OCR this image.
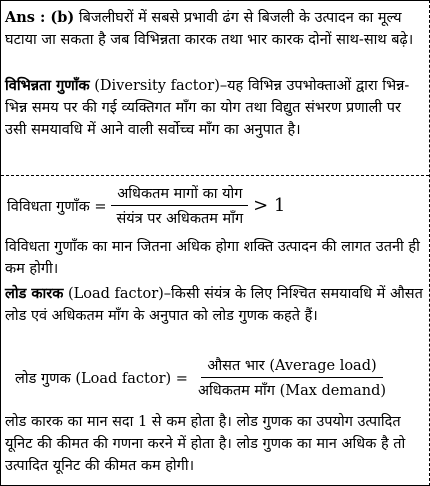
Ans : (b) बिजलीघरों में सबसे प्रभावी ढंग से बिजली के उत्पादन का मूल्य घटाया जा सकता है जब विभिन्नता कारक तथा भार कारक दोनों साथ-साथ बढ़े।
विभिन्नता गुणाँक (Diversity factor)–यह विभिन्न उपभोक्ताओं द्वारा भिन्न-भिन्न समय पर की गई व्यक्तिगत माँग का योग तथा विद्युत संभरण प्रणाली पर उसी समयावधि में आने वाली सर्वोच्च माँग का अनुपात है।
विविधता गुणाँक = $\frac{\text{अधिकतम मागों का योग}}{\text{संयंत्र पर अधिकतम माँग}} > 1$
विविधता गुणाँक का मान जितना अधिक होगा शक्ति उत्पादन की लागत उतनी ही कम होगी।
लोड कारक (Load factor)–किसी संयंत्र के लिए निश्चित समयावधि में औसत लोड एवं अधिकतम माँग के अनुपात को लोड गुणक कहते हैं।
लोड गुणक (Load factor) = $\frac{\text{औसत भार (Average load)}}{\text{अधिकतम माँग (Max demand)}}$
लोड कारक का मान सदा 1 से कम होता है। लोड गुणक का उपयोग उत्पादित यूनिट की कीमत की गणना करने में होता है। लोड गुणक का मान अधिक है तो उत्पादित यूनिट की कीमत कम होगी।
